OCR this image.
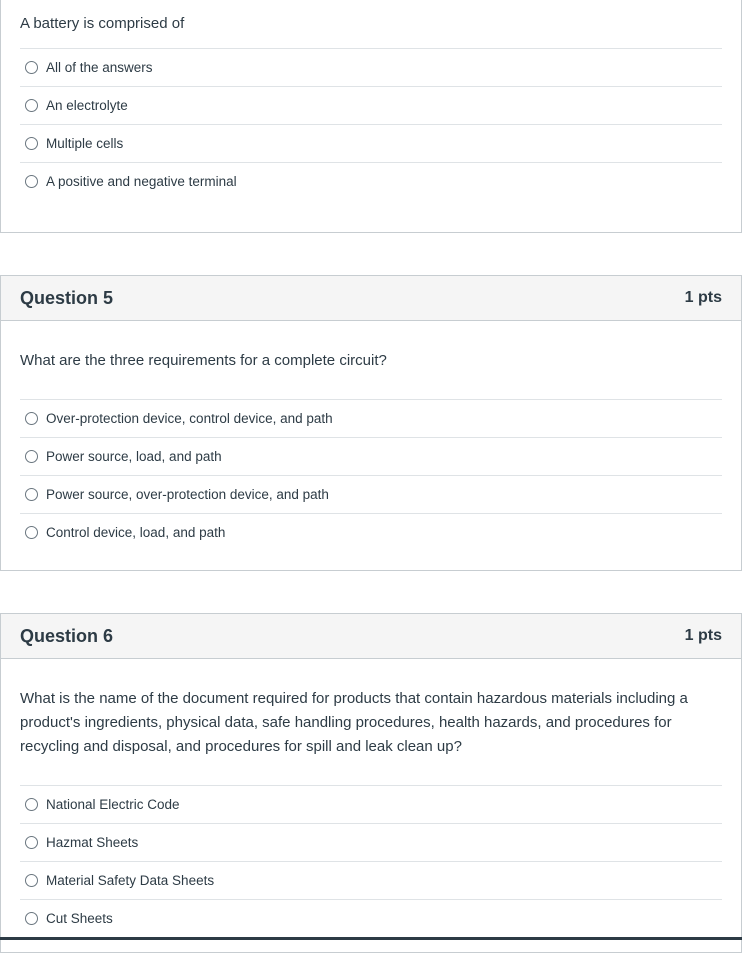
A battery is comprised of
All of the answers
An electrolyte
Multiple cells
A positive and negative terminal
Question 5	1 pts
What are the three requirements for a complete circuit?
Over-protection device, control device, and path
Power source, load, and path
Power source, over-protection device, and path
Control device, load, and path
Question 6	1 pts
What is the name of the document required for products that contain hazardous materials including a product's ingredients, physical data, safe handling procedures, health hazards, and procedures for recycling and disposal, and procedures for spill and leak clean up?
National Electric Code
Hazmat Sheets
Material Safety Data Sheets
Cut Sheets
